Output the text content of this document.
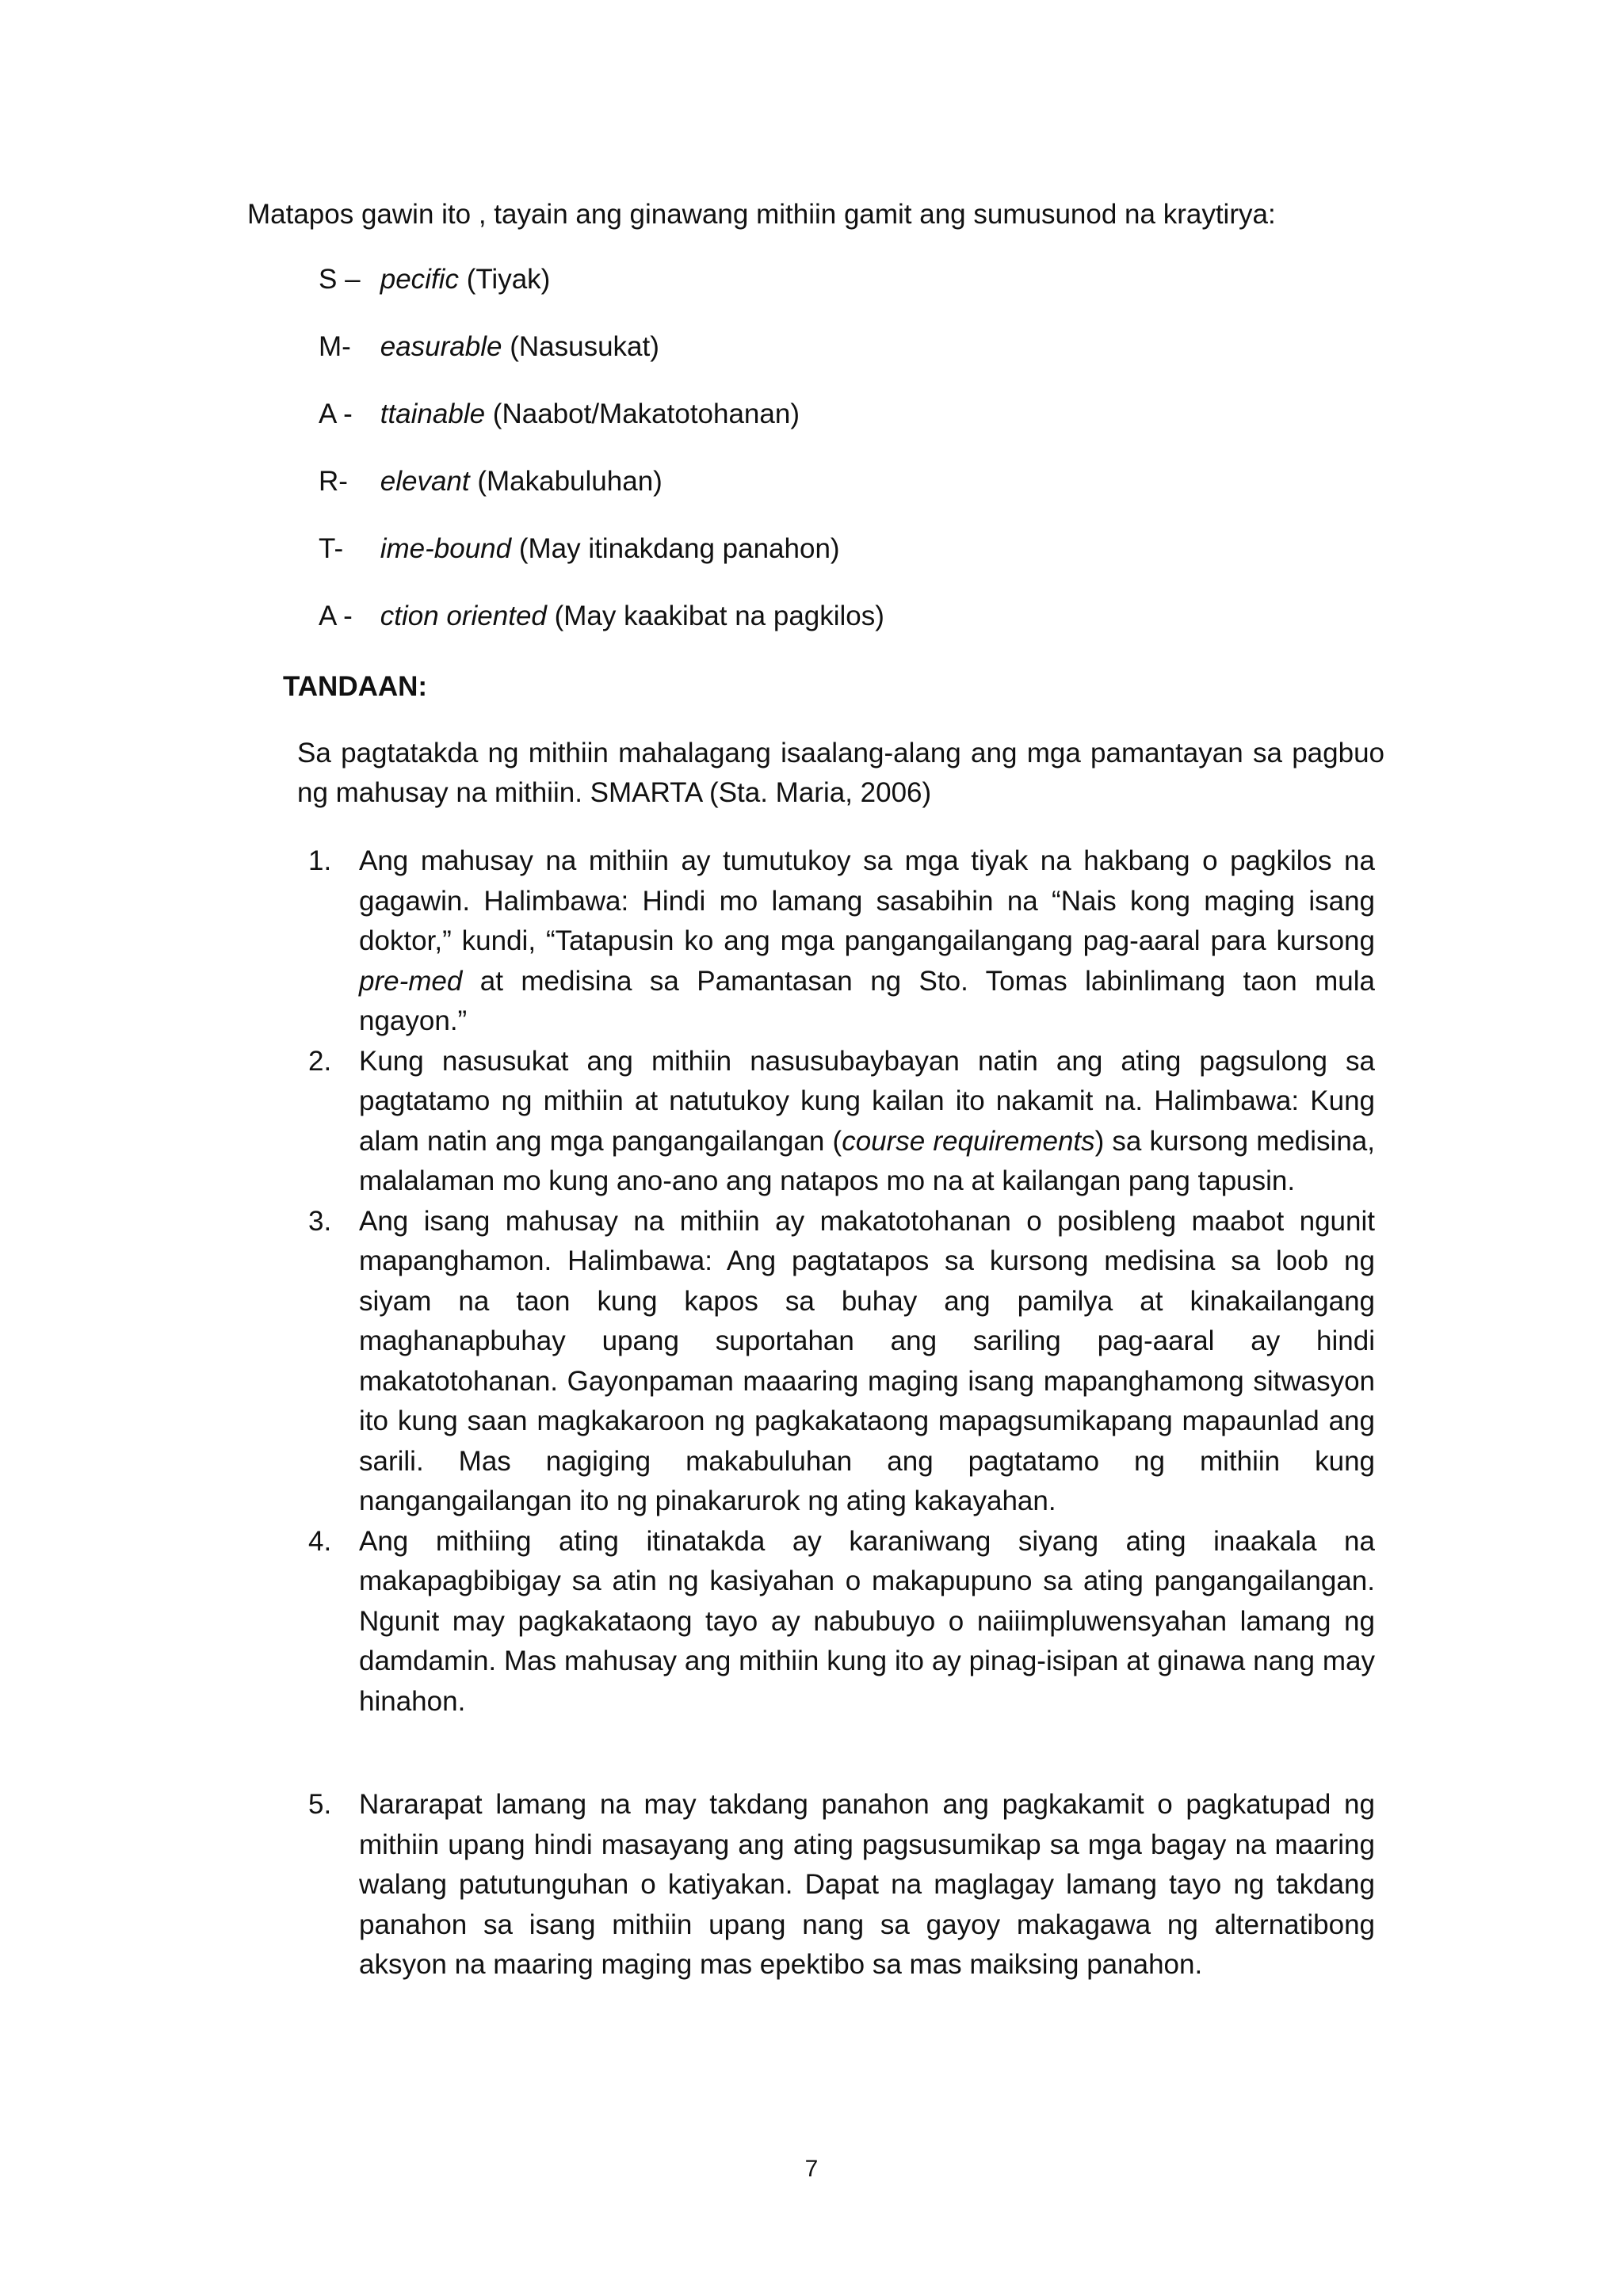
Matapos gawin ito , tayain ang ginawang mithiin gamit ang sumusunod na kraytirya:
S – pecific (Tiyak)
M- easurable (Nasusukat)
A - ttainable (Naabot/Makatotohanan)
R- elevant (Makabuluhan)
T- ime-bound (May itinakdang panahon)
A - ction oriented (May kaakibat na pagkilos)
TANDAAN:

Sa pagtatakda ng mithiin mahalagang isaalang-alang ang mga pamantayan sa pagbuo ng mahusay na mithiin. SMARTA (Sta. Maria, 2006)

1. Ang mahusay na mithiin ay tumutukoy sa mga tiyak na hakbang o pagkilos na gagawin. Halimbawa: Hindi mo lamang sasabihin na “Nais kong maging isang doktor,” kundi, “Tatapusin ko ang mga pangangailangang pag-aaral para kursong pre-med at medisina sa Pamantasan ng Sto. Tomas labinlimang taon mula ngayon.”
2. Kung nasusukat ang mithiin nasusubaybayan natin ang ating pagsulong sa pagtatamo ng mithiin at natutukoy kung kailan ito nakamit na. Halimbawa: Kung alam natin ang mga pangangailangan (course requirements) sa kursong medisina, malalaman mo kung ano-ano ang natapos mo na at kailangan pang tapusin.
3. Ang isang mahusay na mithiin ay makatotohanan o posibleng maabot ngunit mapanghamon. Halimbawa: Ang pagtatapos sa kursong medisina sa loob ng siyam na taon kung kapos sa buhay ang pamilya at kinakailangang maghanapbuhay upang suportahan ang sariling pag-aaral ay hindi makatotohanan. Gayonpaman maaaring maging isang mapanghamong sitwasyon ito kung saan magkakaroon ng pagkakataong mapagsumikapang mapaunlad ang sarili. Mas nagiging makabuluhan ang pagtatamo ng mithiin kung nangangailangan ito ng pinakarurok ng ating kakayahan.
4. Ang mithiing ating itinatakda ay karaniwang siyang ating inaakala na makapagbibigay sa atin ng kasiyahan o makapupuno sa ating pangangailangan. Ngunit may pagkakataong tayo ay nabubuyo o naiiimpluwensyahan lamang ng damdamin. Mas mahusay ang mithiin kung ito ay pinag-isipan at ginawa nang may hinahon.
5. Nararapat lamang na may takdang panahon ang pagkakamit o pagkatupad ng mithiin upang hindi masayang ang ating pagsusumikap sa mga bagay na maaring walang patutunguhan o katiyakan. Dapat na maglagay lamang tayo ng takdang panahon sa isang mithiin upang nang sa gayoy makagawa ng alternatibong aksyon na maaring maging mas epektibo sa mas maiksing panahon.
7
